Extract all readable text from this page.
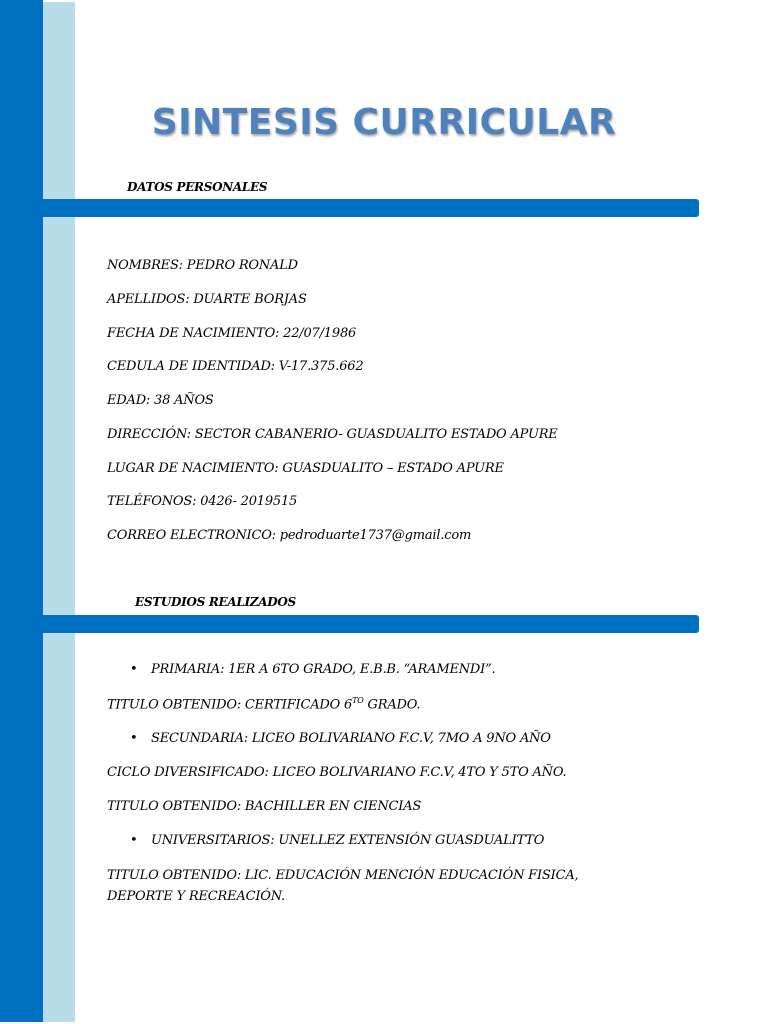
SINTESIS CURRICULAR
DATOS PERSONALES
NOMBRES: PEDRO RONALD
APELLIDOS: DUARTE BORJAS
FECHA DE NACIMIENTO: 22/07/1986
CEDULA DE IDENTIDAD: V-17.375.662
EDAD: 38 AÑOS
DIRECCIÓN: SECTOR CABANERIO- GUASDUALITO ESTADO APURE
LUGAR DE NACIMIENTO: GUASDUALITO – ESTADO APURE
TELÉFONOS: 0426- 2019515
CORREO ELECTRONICO: pedroduarte1737@gmail.com
ESTUDIOS REALIZADOS
• PRIMARIA: 1ER A 6TO GRADO, E.B.B. “ARAMENDI”.
TITULO OBTENIDO: CERTIFICADO $6^{TO}$ GRADO.
• SECUNDARIA: LICEO BOLIVARIANO F.C.V, 7MO A 9NO AÑO
CICLO DIVERSIFICADO: LICEO BOLIVARIANO F.C.V, 4TO Y 5TO AÑO.
TITULO OBTENIDO: BACHILLER EN CIENCIAS
• UNIVERSITARIOS: UNELLEZ EXTENSIÓN GUASDUALITTO
TITULO OBTENIDO: LIC. EDUCACIÓN MENCIÓN EDUCACIÓN FISICA, DEPORTE Y RECREACIÓN.
